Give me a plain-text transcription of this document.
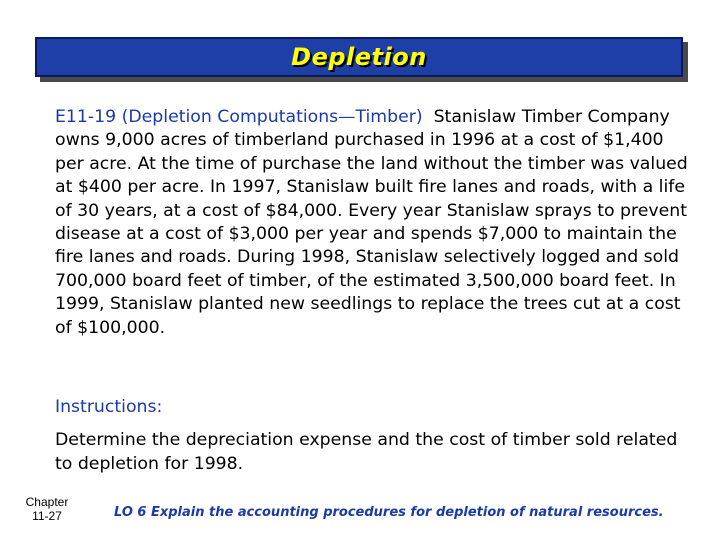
Depletion

E11-19 (Depletion Computations—Timber) Stanislaw Timber Company owns 9,000 acres of timberland purchased in 1996 at a cost of $1,400 per acre. At the time of purchase the land without the timber was valued at $400 per acre. In 1997, Stanislaw built fire lanes and roads, with a life of 30 years, at a cost of $84,000. Every year Stanislaw sprays to prevent disease at a cost of $3,000 per year and spends $7,000 to maintain the fire lanes and roads. During 1998, Stanislaw selectively logged and sold 700,000 board feet of timber, of the estimated 3,500,000 board feet. In 1999, Stanislaw planted new seedlings to replace the trees cut at a cost of $100,000.

Instructions:

Determine the depreciation expense and the cost of timber sold related to depletion for 1998.

Chapter
11-27	LO 6 Explain the accounting procedures for depletion of natural resources.
